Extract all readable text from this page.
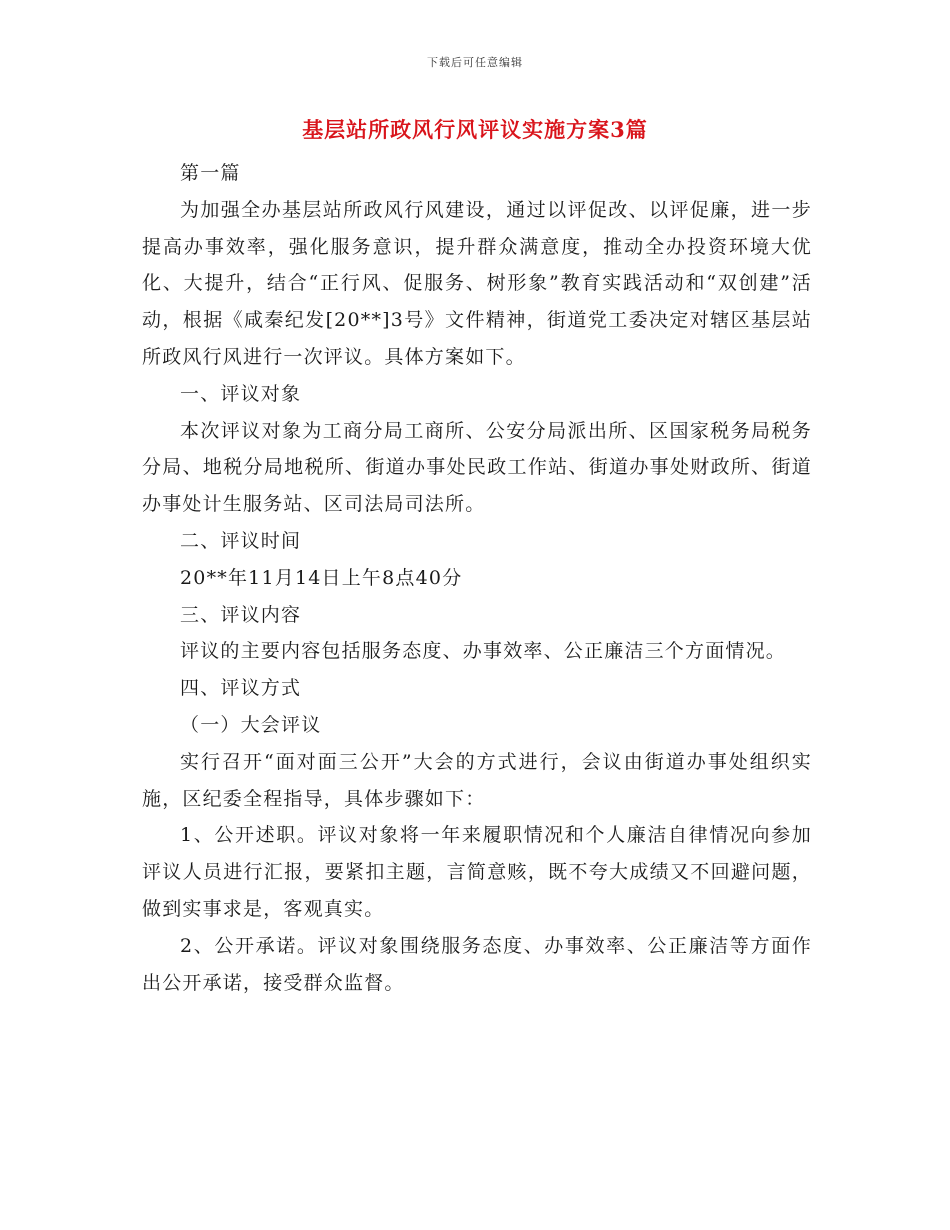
下载后可任意编辑
基层站所政风行风评议实施方案3篇

第一篇

为加强全办基层站所政风行风建设，通过以评促改、以评促廉，进一步提高办事效率，强化服务意识，提升群众满意度，推动全办投资环境大优化、大提升，结合“正行风、促服务、树形象”教育实践活动和“双创建”活动，根据《咸秦纪发[20**]3号》文件精神，街道党工委决定对辖区基层站所政风行风进行一次评议。具体方案如下。

一、评议对象

本次评议对象为工商分局工商所、公安分局派出所、区国家税务局税务分局、地税分局地税所、街道办事处民政工作站、街道办事处财政所、街道办事处计生服务站、区司法局司法所。

二、评议时间

20**年11月14日上午8点40分

三、评议内容

评议的主要内容包括服务态度、办事效率、公正廉洁三个方面情况。

四、评议方式

（一）大会评议

实行召开“面对面三公开”大会的方式进行，会议由街道办事处组织实施，区纪委全程指导，具体步骤如下：

1、公开述职。评议对象将一年来履职情况和个人廉洁自律情况向参加评议人员进行汇报，要紧扣主题，言简意赅，既不夸大成绩又不回避问题，做到实事求是，客观真实。

2、公开承诺。评议对象围绕服务态度、办事效率、公正廉洁等方面作出公开承诺，接受群众监督。
